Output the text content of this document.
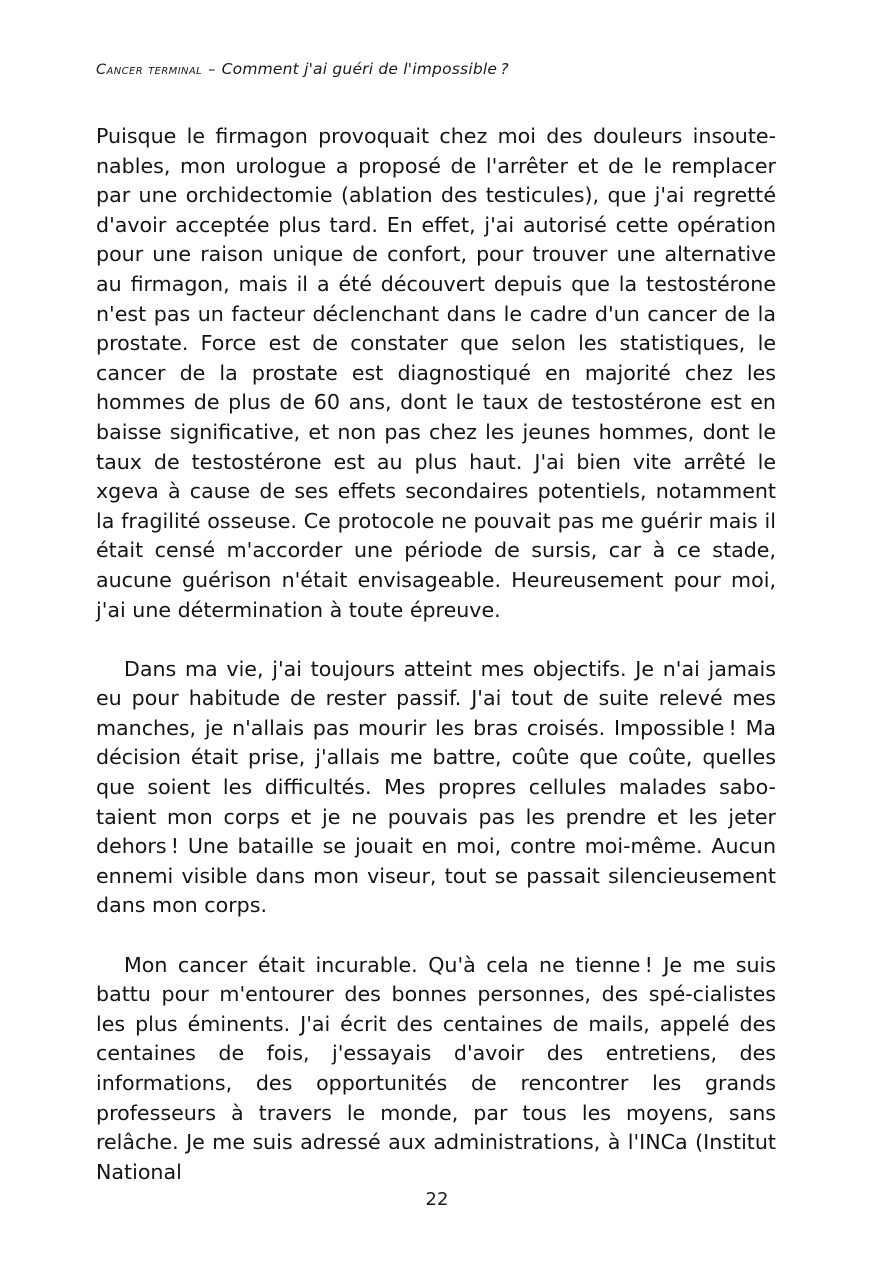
Cancer terminal – Comment j'ai guéri de l'impossible ?

Puisque le firmagon provoquait chez moi des douleurs insoute-nables, mon urologue a proposé de l'arrêter et de le remplacer par une orchidectomie (ablation des testicules), que j'ai regretté d'avoir acceptée plus tard. En effet, j'ai autorisé cette opération pour une raison unique de confort, pour trouver une alternative au firmagon, mais il a été découvert depuis que la testostérone n'est pas un facteur déclenchant dans le cadre d'un cancer de la prostate. Force est de constater que selon les statistiques, le cancer de la prostate est diagnostiqué en majorité chez les hommes de plus de 60 ans, dont le taux de testostérone est en baisse significative, et non pas chez les jeunes hommes, dont le taux de testostérone est au plus haut. J'ai bien vite arrêté le xgeva à cause de ses effets secondaires potentiels, notamment la fragilité osseuse. Ce protocole ne pouvait pas me guérir mais il était censé m'accorder une période de sursis, car à ce stade, aucune guérison n'était envisageable. Heureusement pour moi, j'ai une détermination à toute épreuve.

Dans ma vie, j'ai toujours atteint mes objectifs. Je n'ai jamais eu pour habitude de rester passif. J'ai tout de suite relevé mes manches, je n'allais pas mourir les bras croisés. Impossible ! Ma décision était prise, j'allais me battre, coûte que coûte, quelles que soient les difficultés. Mes propres cellules malades sabo-taient mon corps et je ne pouvais pas les prendre et les jeter dehors ! Une bataille se jouait en moi, contre moi-même. Aucun ennemi visible dans mon viseur, tout se passait silencieusement dans mon corps.

Mon cancer était incurable. Qu'à cela ne tienne ! Je me suis battu pour m'entourer des bonnes personnes, des spé-cialistes les plus éminents. J'ai écrit des centaines de mails, appelé des centaines de fois, j'essayais d'avoir des entretiens, des informations, des opportunités de rencontrer les grands professeurs à travers le monde, par tous les moyens, sans relâche. Je me suis adressé aux administrations, à l'INCa (Institut National

22
